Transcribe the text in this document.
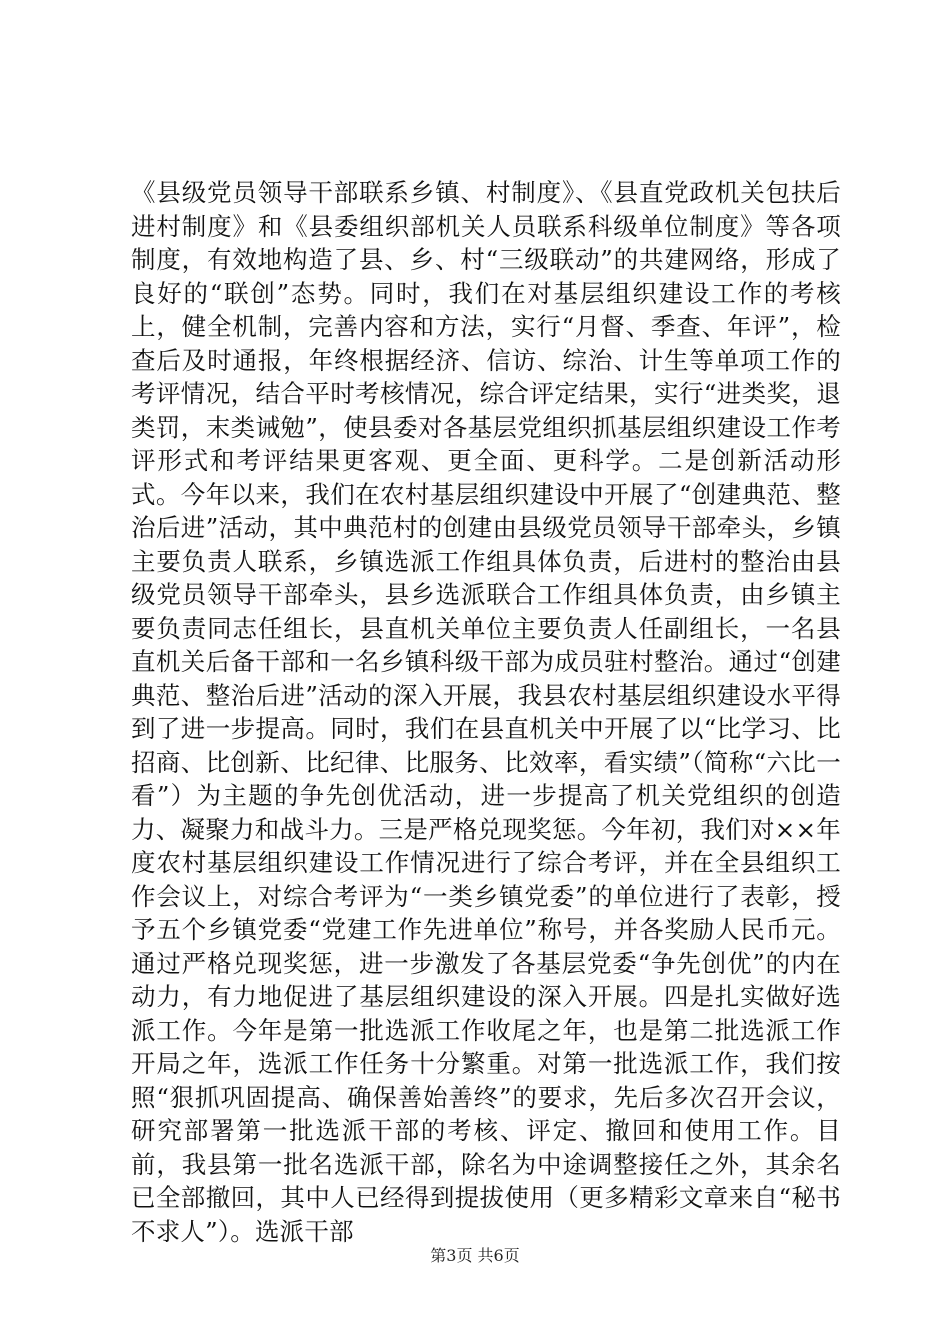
《县级党员领导干部联系乡镇、村制度》、《县直党政机关包扶后进村制度》和《县委组织部机关人员联系科级单位制度》等各项制度，有效地构造了县、乡、村“三级联动”的共建网络，形成了良好的“联创”态势。同时，我们在对基层组织建设工作的考核上，健全机制，完善内容和方法，实行“月督、季查、年评”，检查后及时通报，年终根据经济、信访、综治、计生等单项工作的考评情况，结合平时考核情况，综合评定结果，实行“进类奖，退类罚，末类诫勉”，使县委对各基层党组织抓基层组织建设工作考评形式和考评结果更客观、更全面、更科学。二是创新活动形式。今年以来，我们在农村基层组织建设中开展了“创建典范、整治后进”活动，其中典范村的创建由县级党员领导干部牵头，乡镇主要负责人联系，乡镇选派工作组具体负责，后进村的整治由县级党员领导干部牵头，县乡选派联合工作组具体负责，由乡镇主要负责同志任组长，县直机关单位主要负责人任副组长，一名县直机关后备干部和一名乡镇科级干部为成员驻村整治。通过“创建典范、整治后进”活动的深入开展，我县农村基层组织建设水平得到了进一步提高。同时，我们在县直机关中开展了以“比学习、比招商、比创新、比纪律、比服务、比效率，看实绩”（简称“六比一看”）为主题的争先创优活动，进一步提高了机关党组织的创造力、凝聚力和战斗力。三是严格兑现奖惩。今年初，我们对××年度农村基层组织建设工作情况进行了综合考评，并在全县组织工作会议上，对综合考评为“一类乡镇党委”的单位进行了表彰，授予五个乡镇党委“党建工作先进单位”称号，并各奖励人民币元。通过严格兑现奖惩，进一步激发了各基层党委“争先创优”的内在动力，有力地促进了基层组织建设的深入开展。四是扎实做好选派工作。今年是第一批选派工作收尾之年，也是第二批选派工作开局之年，选派工作任务十分繁重。对第一批选派工作，我们按照“狠抓巩固提高、确保善始善终”的要求，先后多次召开会议，研究部署第一批选派干部的考核、评定、撤回和使用工作。目前，我县第一批名选派干部，除名为中途调整接任之外，其余名已全部撤回，其中人已经得到提拔使用（更多精彩文章来自“秘书不求人”）。选派干部

第3页 共6页
